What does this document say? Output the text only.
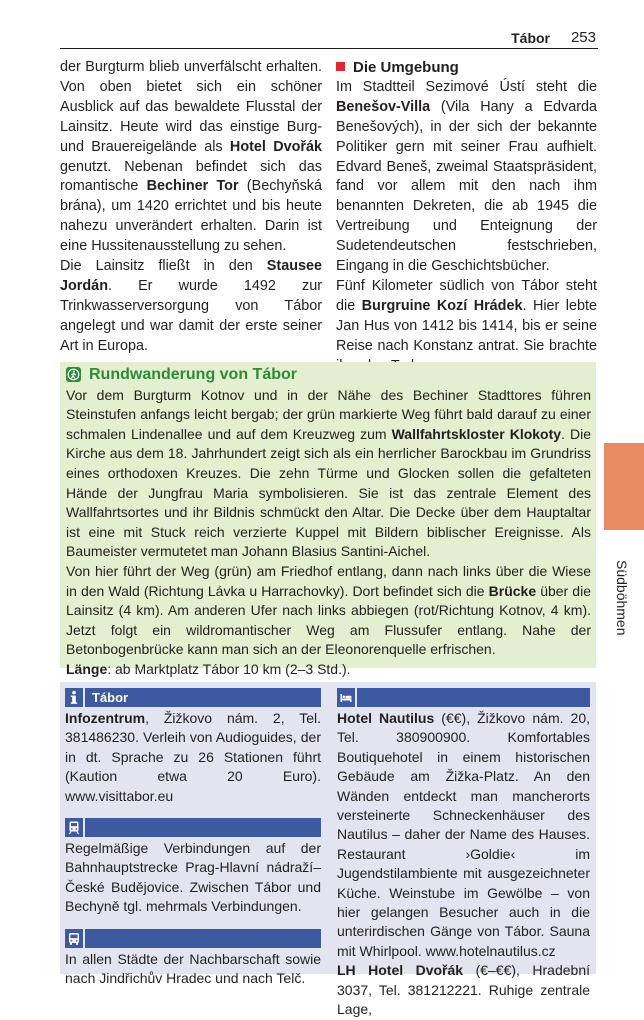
Tábor 253

der Burgturm blieb unverfälscht erhalten. Von oben bietet sich ein schöner Ausblick auf das bewaldete Flusstal der Lainsitz. Heute wird das einstige Burg- und Brauereigelände als Hotel Dvořák genutzt. Nebenan befindet sich das romantische Bechiner Tor (Bechyňská brána), um 1420 errichtet und bis heute nahezu unverändert erhalten. Darin ist eine Hussitenausstellung zu sehen.

Die Lainsitz fließt in den Stausee Jordán. Er wurde 1492 zur Trinkwasserversorgung von Tábor angelegt und war damit der erste seiner Art in Europa.

Die Umgebung

Im Stadtteil Sezimové Ústí steht die Benešov-Villa (Vila Hany a Edvarda Benešových), in der sich der bekannte Politiker gern mit seiner Frau aufhielt. Edvard Beneš, zweimal Staatspräsident, fand vor allem mit den nach ihm benannten Dekreten, die ab 1945 die Vertreibung und Enteignung der Sudetendeutschen festschrieben, Eingang in die Geschichtsbücher.

Fünf Kilometer südlich von Tábor steht die Burgruine Kozí Hrádek. Hier lebte Jan Hus von 1412 bis 1414, bis er seine Reise nach Konstanz antrat. Sie brachte

Rundwanderung von Tábor

Vor dem Burgturm Kotnov und in der Nähe des Bechiner Stadttores führen Steinstufen anfangs leicht bergab; der grün markierte Weg führt bald darauf zu einer schmalen Lindenallee und auf dem Kreuzweg zum Wallfahrtskloster Klokoty. Die Kirche aus dem 18. Jahrhundert zeigt sich als ein herrlicher Barockbau im Grundriss eines orthodoxen Kreuzes. Die zehn Türme und Glocken sollen die gefalteten Hände der Jungfrau Maria symbolisieren. Sie ist das zentrale Element des Wallfahrtsortes und ihr Bildnis schmückt den Altar. Die Decke über dem Hauptaltar ist eine mit Stuck reich verzierte Kuppel mit Bildern biblischer Ereignisse. Als Baumeister vermutetet man Johann Blasius Santini-Aichel.

Von hier führt der Weg (grün) am Friedhof entlang, dann nach links über die Wiese in den Wald (Richtung Lávka u Harrachovky). Dort befindet sich die Brücke über die Lainsitz (4 km). Am anderen Ufer nach links abbiegen (rot/Richtung Kotnov, 4 km). Jetzt folgt ein wildromantischer Weg am Flussufer entlang. Nahe der Betonbogenbrücke kann man sich an der Eleonorenquelle erfrischen.

Länge: ab Marktplatz Tábor 10 km (2–3 Std.).

Tábor

Infozentrum, Žižkovo nám. 2, Tel. 381486230. Verleih von Audioguides, der in dt. Sprache zu 26 Stationen führt (Kaution etwa 20 Euro). www.visittabor.eu

Regelmäßige Verbindungen auf der Bahnhauptstrecke Prag-Hlavní nádraží–České Budějovice. Zwischen Tábor und Bechyně tgl. mehrmals Verbindungen.

In allen Städte der Nachbarschaft sowie nach Jindřichův Hradec und nach Telč.

Hotel Nautilus (€€), Žižkovo nám. 20, Tel. 380900900. Komfortables Boutiquehotel in einem historischen Gebäude am Žižka-Platz. An den Wänden entdeckt man mancherorts versteinerte Schneckenhäuser des Nautilus – daher der Name des Hauses. Restaurant ›Goldie‹ im Jugendstilambiente mit ausgezeichneter Küche. Weinstube im Gewölbe – von hier gelangen Besucher auch in die unterirdischen Gänge von Tábor. Sauna mit Whirlpool. www.hotelnautilus.cz

LH Hotel Dvořák (€–€€), Hradební 3037, Tel. 381212221. Ruhige zentrale Lage,

Südböhmen
